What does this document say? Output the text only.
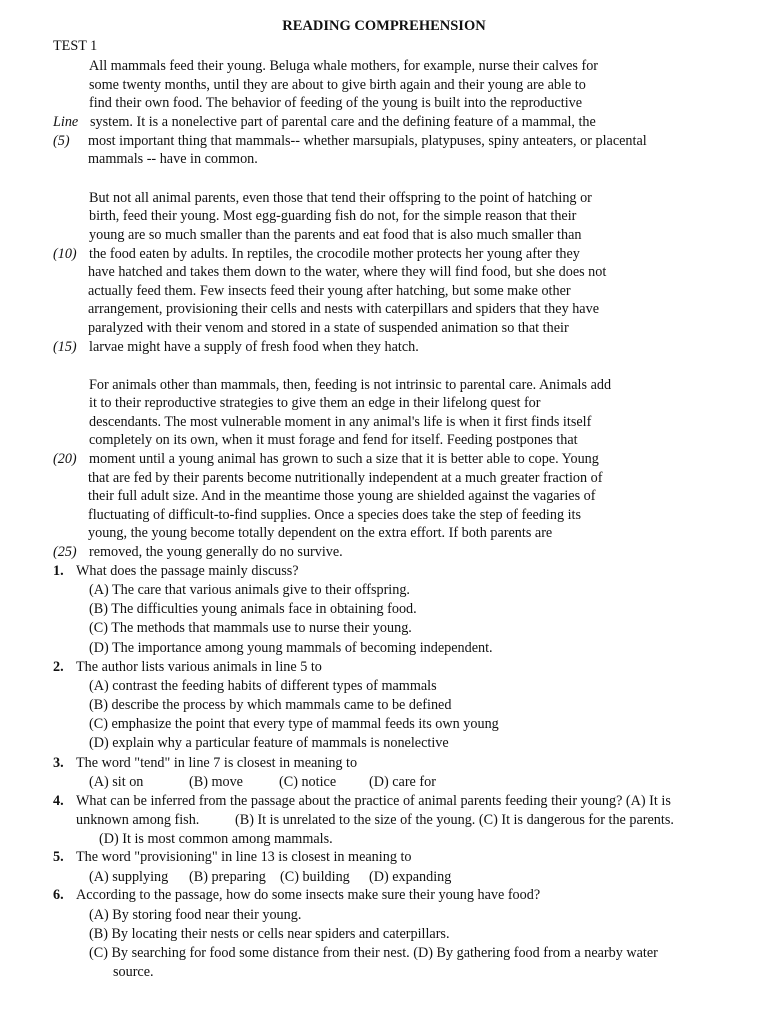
READING COMPREHENSION
TEST 1
Line
(5)
(10)
(15)
(20)
(25)
All mammals feed their young. Beluga whale mothers, for example, nurse their calves for
some twenty months, until they are about to give birth again and their young are able to
find their own food. The behavior of feeding of the young is built into the reproductive
system. It is a nonelective part of parental care and the defining feature of a mammal, the
most important thing that mammals-- whether marsupials, platypuses, spiny anteaters, or placental
mammals -- have in common.
But not all animal parents, even those that tend their offspring to the point of hatching or
birth, feed their young. Most egg-guarding fish do not, for the simple reason that their
young are so much smaller than the parents and eat food that is also much smaller than
the food eaten by adults. In reptiles, the crocodile mother protects her young after they
have hatched and takes them down to the water, where they will find food, but she does not
actually feed them. Few insects feed their young after hatching, but some make other
arrangement, provisioning their cells and nests with caterpillars and spiders that they have
paralyzed with their venom and stored in a state of suspended animation so that their
larvae might have a supply of fresh food when they hatch.
For animals other than mammals, then, feeding is not intrinsic to parental care. Animals add
it to their reproductive strategies to give them an edge in their lifelong quest for
descendants. The most vulnerable moment in any animal's life is when it first finds itself
completely on its own, when it must forage and fend for itself. Feeding postpones that
moment until a young animal has grown to such a size that it is better able to cope. Young
that are fed by their parents become nutritionally independent at a much greater fraction of
their full adult size. And in the meantime those young are shielded against the vagaries of
fluctuating of difficult-to-find supplies. Once a species does take the step of feeding its
young, the young become totally dependent on the extra effort. If both parents are
removed, the young generally do no survive.
1. What does the passage mainly discuss?
(A) The care that various animals give to their offspring.
(B) The difficulties young animals face in obtaining food.
(C) The methods that mammals use to nurse their young.
(D) The importance among young mammals of becoming independent.
2. The author lists various animals in line 5 to
(A) contrast the feeding habits of different types of mammals
(B) describe the process by which mammals came to be defined
(C) emphasize the point that every type of mammal feeds its own young
(D) explain why a particular feature of mammals is nonelective
3. The word "tend" in line 7 is closest in meaning to
(A) sit on	(B) move	(C) notice (D) care for
4. What can be inferred from the passage about the practice of animal parents feeding their young? (A) It is
unknown among fish.	(B) It is unrelated to the size of the young. (C) It is dangerous for the parents.
(D) It is most common among mammals.
5. The word "provisioning" in line 13 is closest in meaning to
(A) supplying (B) preparing (C) building (D) expanding
6. According to the passage, how do some insects make sure their young have food?
(A) By storing food near their young.
(B) By locating their nests or cells near spiders and caterpillars.
(C) By searching for food some distance from their nest. (D) By gathering food from a nearby water
source.
